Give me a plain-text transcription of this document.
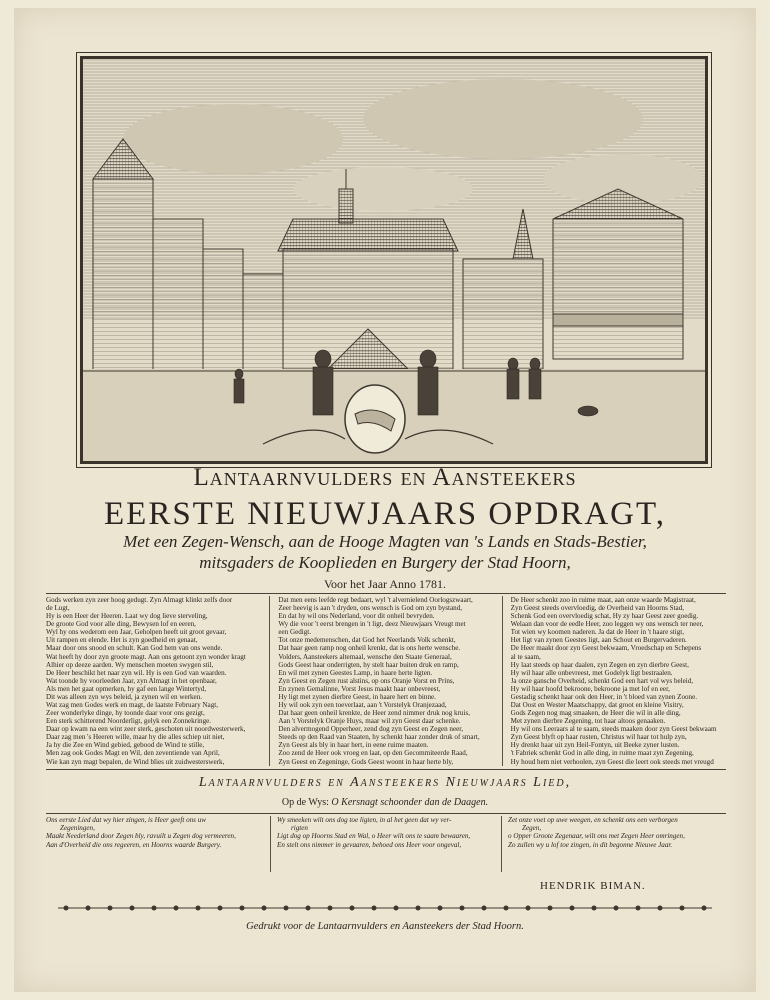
Lantaarnvulders en Aansteekers
EERSTE NIEUWJAARS OPDRAGT,
Met een Zegen-Wensch, aan de Hooge Magten van 's Lands en Stads-Bestier,
mitsgaders de Kooplieden en Burgery der Stad Hoorn,
Voor het Jaar Anno 1781.
Gods werken zyn zeer hoog gedugt. Zyn Almagt klinkt zelfs door
de Lugt,
Hy is een Heer der Heeren. Laat wy dog lieve sterveling,
De groote God voor alle ding, Bewysen lof en eeren,
Wyl hy ons wederom een Jaar, Geholpen heeft uit groot gevaar,
Uit rampen en elende. Het is zyn goedheid en genaat,
Maar door ons snood en schult. Kan God hem van ons wende.
Wat heeft hy door zyn groote magt. Aan ons getoont zyn wonder kragt
Alhier op deeze aarden. Wy menschen moeten swygen stil,
De Heer beschikt het naar zyn wil. Hy is een God van waarden.
Wat toonde hy voorleeden Jaar, zyn Almagt in het openbaar,
Als men het gaat opmerken, hy gaf een lange Wintertyd,
Dit was alleen zyn wys beleid, ja zynen wil en werken.
Wat zag men Godes werk en magt, de laatste February Nagt,
Zeer wonderlyke dinge, hy toonde daar voor ons gezigt,
Een sterk schitterend Noorderligt, gelyk een Zonnekringe.
Daar op kwam na een wint zeer sterk, geschoten uit noordwesterwerk,
Daar zag men 's Heeren wille, maar hy die alles schiep uit niet,
Ja hy die Zee en Wind gebied, gebood de Wind te stille,
Men zag ook Godes Magt en Wil, den zeventiende van April,
Wie kan zyn magt bepalen, de Wind blies uit zuidwesterswerk,
Dat men eens leefde regt bedaart, wyl 't alvernielend Oorlogszwaart,
Zeer heevig is aan 't dryden, ons wensch is God om zyn bystand,
En dat hy wil ons Nederland, voor dit onheil bevryden.
Wy die voor 't eerst brengen in 't ligt, deez Nieuwjaars Vreugt met
een Gedigt.
Tot onze medemenschen, dat God het Neerlands Volk schenkt,
Dat haar geen ramp nog onheil krenkt, dat is ons herte wensche.
Volders, Aansteekers altemaal, wensche den Staate Generaal,
Gods Geest haar onderrigten, hy stelt haar buiten druk en ramp,
En wil met zynen Geestes Lamp, in haare herte ligten.
Zyn Geest en Zegen rust alstins, op ons Oranje Vorst en Prins,
En zynen Gemalinne, Vorst Jesus maakt haar onbevreest,
Hy ligt met zynen dierbre Geest, in haare hert en binne.
Hy wil ook zyn een toeverlaat, aan 't Vorstelyk Oranjezaad,
Dat haar geen onheil krenkte, de Heer zend nimmer druk nog kruis,
Aan 't Vorstelyk Oranje Huys, maar wil zyn Geest daar schenke.
Den alvermogend Opperheer, zend dog zyn Geest en Zegen neer,
Steeds op den Raad van Staaten, hy schenkt haar zonder druk of smart,
Zyn Geest als bly in haar hert, in eene ruime maaten.
Zoo zend de Heer ook vroeg en laat, op den Gecommiteerde Raad,
Zyn Geest en Zegeninge, Gods Geest woont in haar herte bly,
De Heer schenkt zoo in ruime maat, aan onze waarde Magistraat,
Zyn Geest steeds overvloedig, de Overheid van Hoorns Stad,
Schenk God een overvloedig schat, Hy zy haar Geest zeer goedig.
Welaan dan voor de eedle Heer, zoo leggen wy ons wensch ter neer,
Tot wien wy koomen naderen. Ja dat de Heer in 't haare stigt,
Het ligt van zynen Geestes ligt, aan Schout en Burgervaderen.
De Heer maakt door zyn Geest bekwaam, Vroedschap en Schepens
al te saam,
Hy laat steeds op haar daalen, zyn Zegen en zyn dierbre Geest,
Hy wil haar alle onbevreest, met Godelyk ligt bestraalen.
Ja onze gansche Overheid, schenkt God een hart vol wys beleid,
Hy wil haar hoofd bekroone, bekroone ja met lof en eer,
Gestadig schenkt haar ook den Heer, in 't bloed van zynen Zoone.
Dat Oost en Wester Maatschappy, dat groot en kleine Visitry,
Gods Zegen nog mag smaaken, de Heer die wil in alle ding,
Met zynen dierbre Zegening, tot haar altoos genaaken.
Hy wil ons Leeraars al te saam, steeds maaken door zyn Geest bekwaam
Zyn Geest blyft op haar rusten, Christus wil haar tot hulp zyn,
Hy drenkt haar uit zyn Heil-Fontyn, uit Beeke zyner lusten.
't Fabriek schenkt God in alle ding, in ruime maat zyn Zegening,
Hy houd hem niet verhoolen, zyn Geest die leert ook steeds met vreugd
Lantaarnvulders en Aansteekers Nieuwjaars Lied,
Op de Wys: O Kersnagt schoonder dan de Daagen.
Ons eerste Lied dat wy hier zingen, is Heer geeft ons uw
Zegeningen,
Maakt Neederland door Zegen bly, ravuilt u Zegen dog vermeeren,
Aan d'Overheid die ons regeeren, en Hoorns waarde Burgery.
Wy smeeken wilt ons dog toe ligten, in al het geen dat wy ver-
rigten
Ligt dog op Hoorns Stad en Wal, o Heer wilt ons te saam bewaaren,
En stelt ons nimmer in gevaaren, behoed ons Heer voor ongeval,
Zet onze voet op uwe weegen, en schenkt ons een verborgen
Zegen,
o Opper Groote Zegenaar, wilt ons met Zegen Heer omringen,
Zo zullen wy u lof toe zingen, in dit begonne Nieuwe Jaar.
HENDRIK BIMAN.
Gedrukt voor de Lantaarnvulders en Aansteekers der Stad Hoorn.
